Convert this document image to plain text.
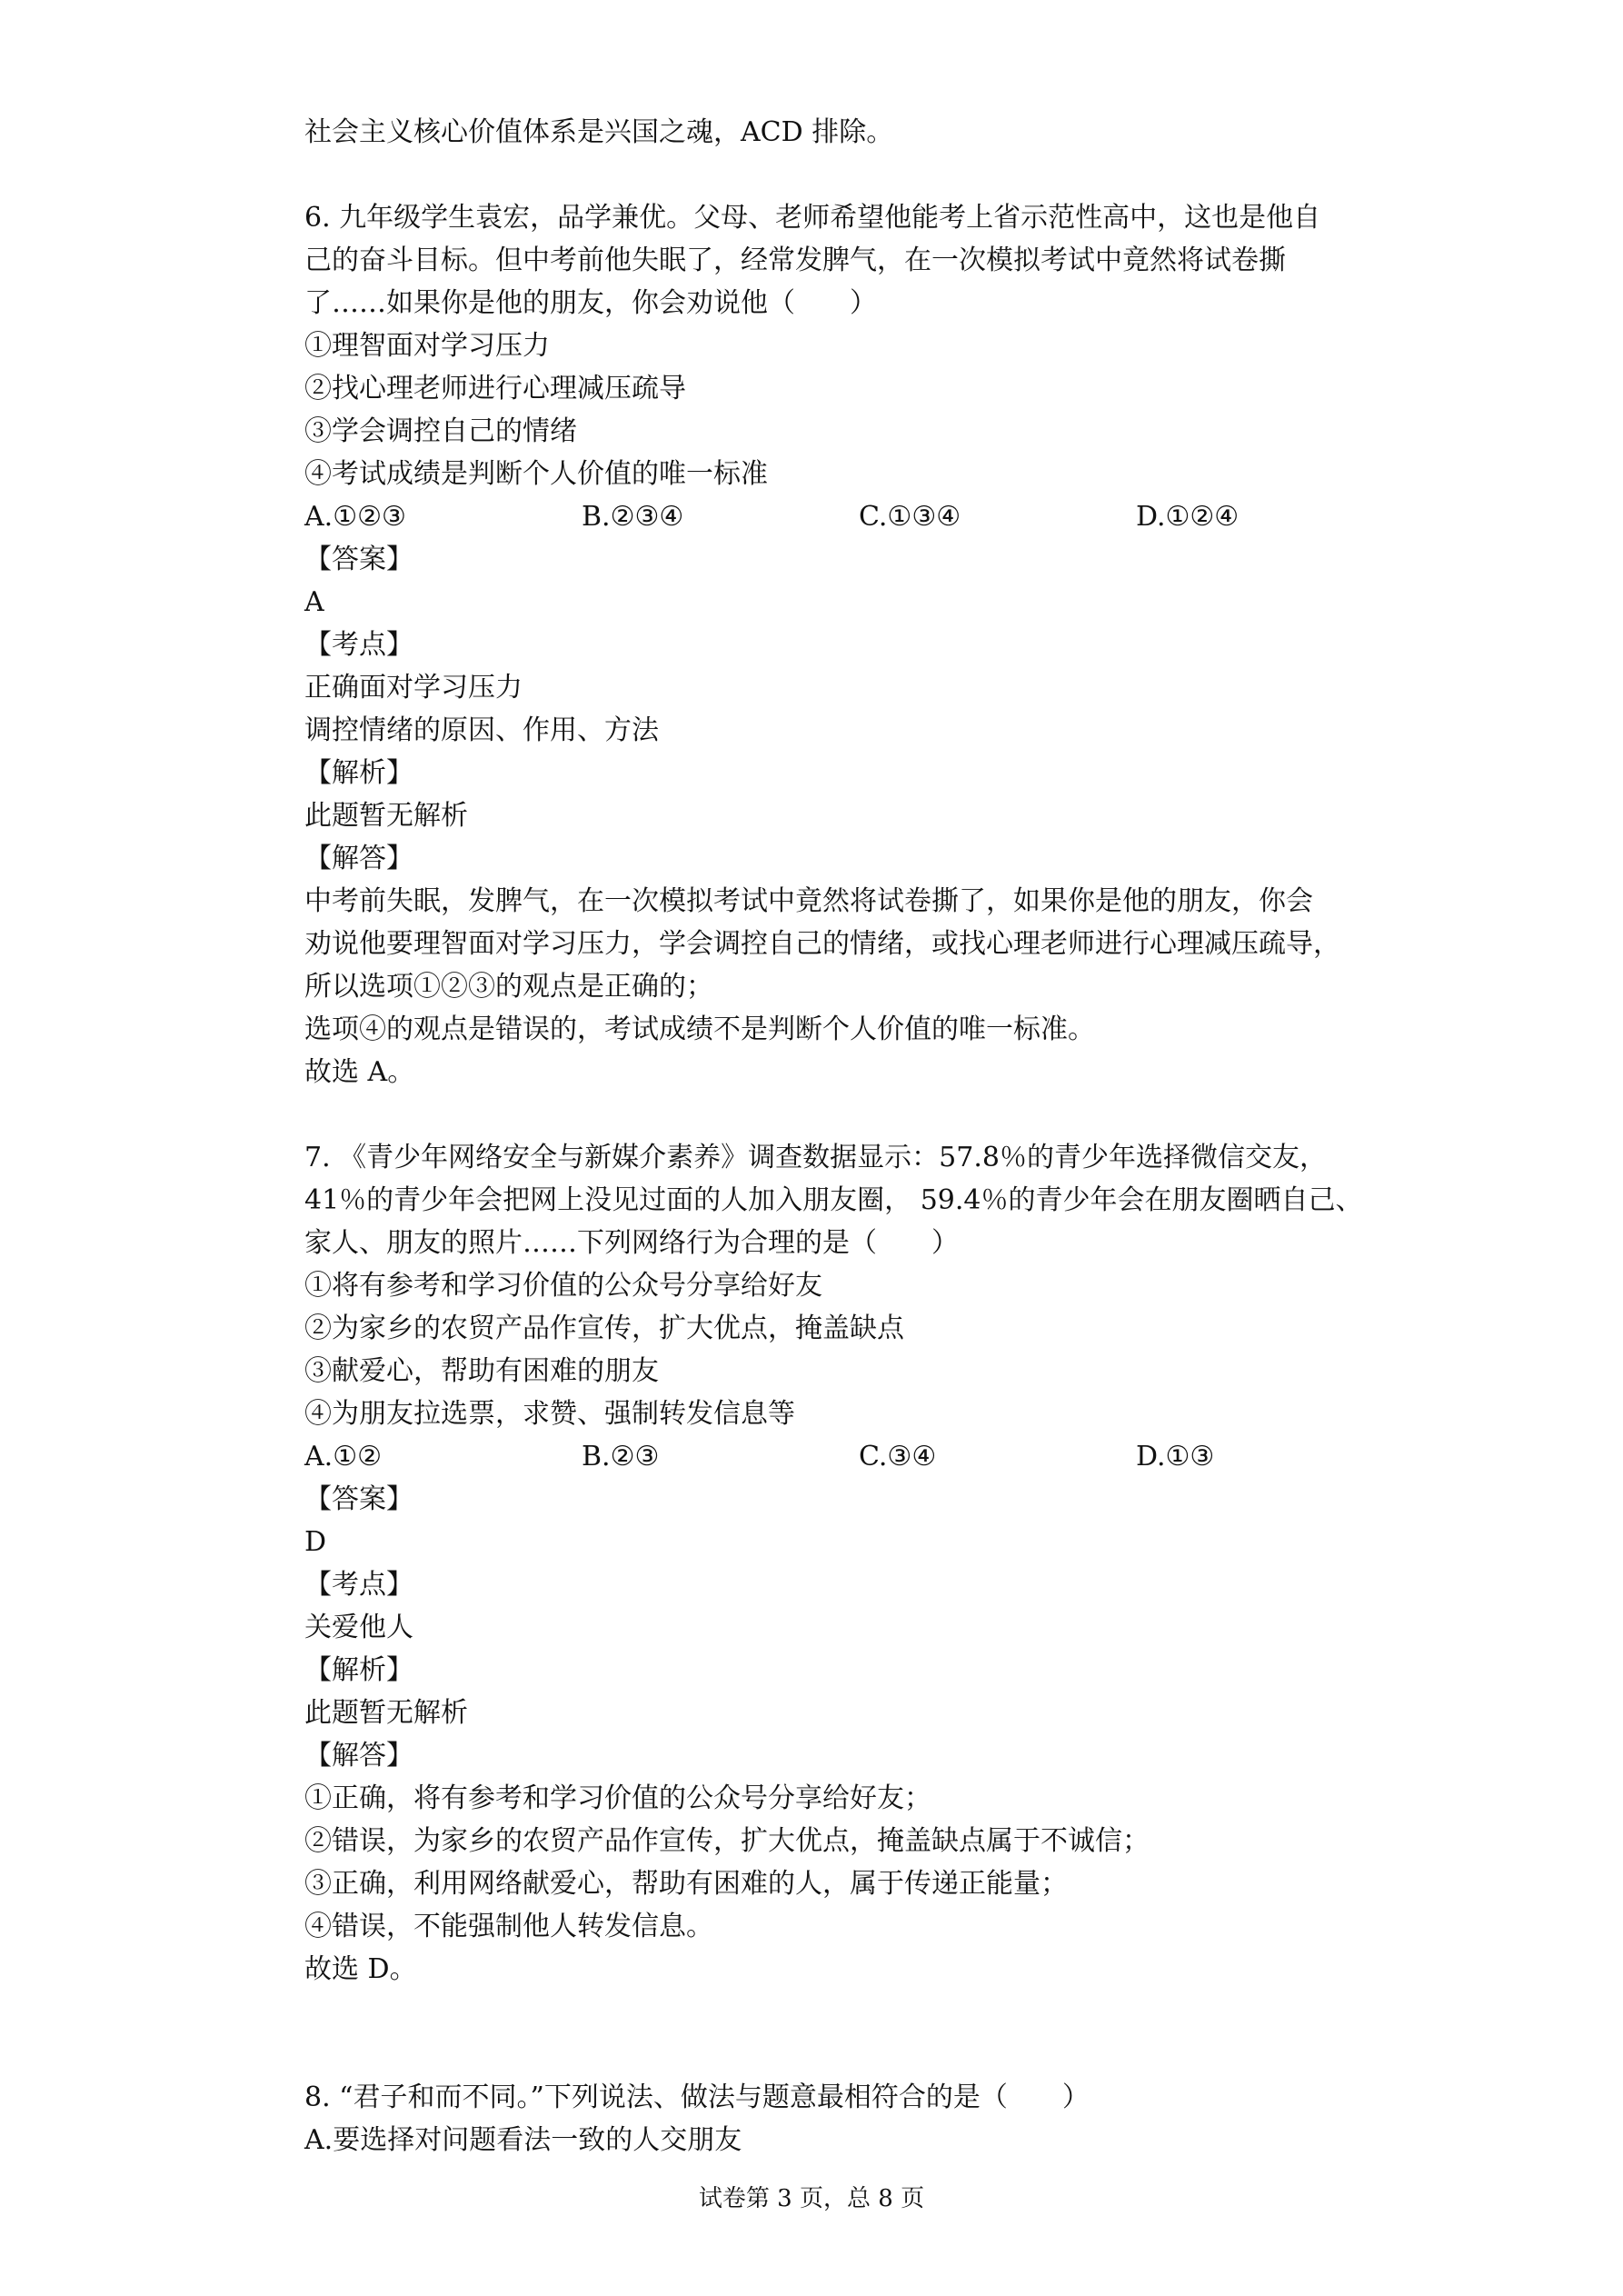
社会主义核心价值体系是兴国之魂，ACD 排除。
6. 九年级学生袁宏，品学兼优。父母、老师希望他能考上省示范性高中，这也是他自
己的奋斗目标。但中考前他失眠了，经常发脾气，在一次模拟考试中竟然将试卷撕
了……如果你是他的朋友，你会劝说他（　　）
①理智面对学习压力
②找心理老师进行心理减压疏导
③学会调控自己的情绪
④考试成绩是判断个人价值的唯一标准
A.①②③	B.②③④	C.①③④	D.①②④
【答案】
A
【考点】
正确面对学习压力
调控情绪的原因、作用、方法
【解析】
此题暂无解析
【解答】
中考前失眠，发脾气，在一次模拟考试中竟然将试卷撕了，如果你是他的朋友，你会
劝说他要理智面对学习压力，学会调控自己的情绪，或找心理老师进行心理减压疏导，
所以选项①②③的观点是正确的；
选项④的观点是错误的，考试成绩不是判断个人价值的唯一标准。
故选 A。
7. 《青少年网络安全与新媒介素养》调查数据显示：57.8％的青少年选择微信交友，
41％的青少年会把网上没见过面的人加入朋友圈， 59.4％的青少年会在朋友圈晒自己、
家人、朋友的照片……下列网络行为合理的是（　　）
①将有参考和学习价值的公众号分享给好友
②为家乡的农贸产品作宣传，扩大优点，掩盖缺点
③献爱心，帮助有困难的朋友
④为朋友拉选票，求赞、强制转发信息等
A.①②	B.②③	C.③④	D.①③
【答案】
D
【考点】
关爱他人
【解析】
此题暂无解析
【解答】
①正确，将有参考和学习价值的公众号分享给好友；
②错误，为家乡的农贸产品作宣传，扩大优点，掩盖缺点属于不诚信；
③正确，利用网络献爱心，帮助有困难的人，属于传递正能量；
④错误，不能强制他人转发信息。
故选 D。
8. “君子和而不同。”下列说法、做法与题意最相符合的是（　　）
A.要选择对问题看法一致的人交朋友
试卷第 3 页，总 8 页
